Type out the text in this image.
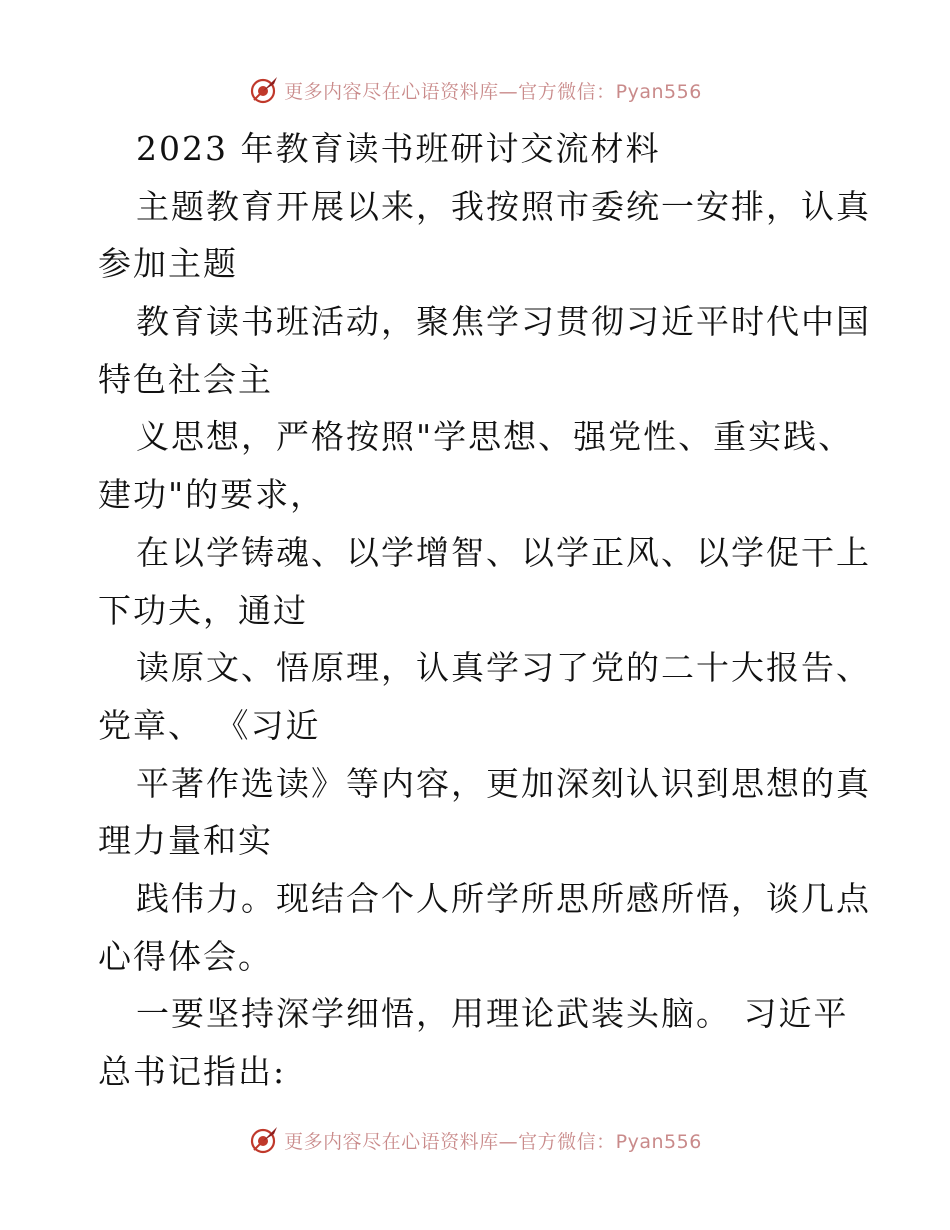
更多内容尽在心语资料库—官方微信：Pyan556
2023 年教育读书班研讨交流材料
主题教育开展以来，我按照市委统一安排，认真
参加主题
教育读书班活动，聚焦学习贯彻习近平时代中国
特色社会主
义思想，严格按照"学思想、强党性、重实践、
建功"的要求，
在以学铸魂、以学增智、以学正风、以学促干上
下功夫，通过
读原文、悟原理，认真学习了党的二十大报告、
党章、 《习近
平著作选读》等内容，更加深刻认识到思想的真
理力量和实
践伟力。现结合个人所学所思所感所悟，谈几点
心得体会。
一要坚持深学细悟，用理论武装头脑。 习近平
总书记指出:
更多内容尽在心语资料库—官方微信：Pyan556
